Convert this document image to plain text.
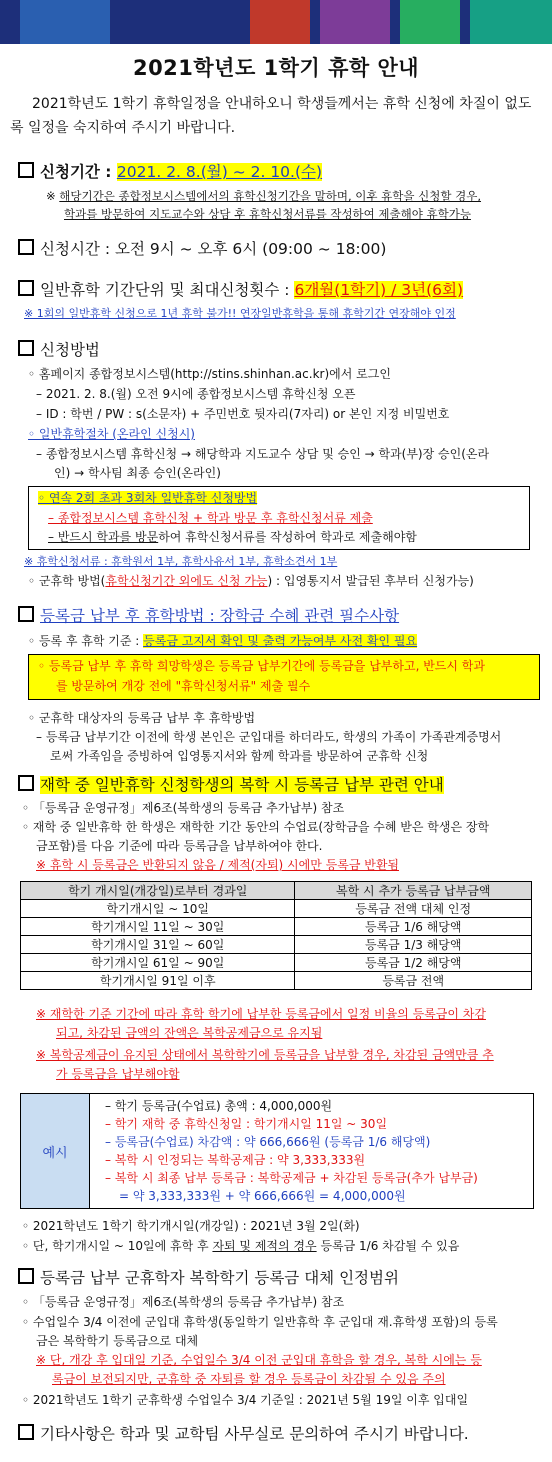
2021학년도 1학기 휴학 안내
2021학년도 1학기 휴학일정을 안내하오니 학생들께서는 휴학 신청에 차질이 없도록 일정을 숙지하여 주시기 바랍니다.
신청기간 : 2021. 2. 8.(월) ~ 2. 10.(수)
※ 해당기간은 종합정보시스템에서의 휴학신청기간을 말하며, 이후 휴학을 신청할 경우,
학과를 방문하여 지도교수와 상담 후 휴학신청서류를 작성하여 제출해야 휴학가능
신청시간 : 오전 9시 ~ 오후 6시 (09:00 ~ 18:00)
일반휴학 기간단위 및 최대신청횟수 : 6개월(1학기) / 3년(6회)
※ 1회의 일반휴학 신청으로 1년 휴학 불가!! 연장일반휴학을 통해 휴학기간 연장해야 인정
신청방법
◦ 홈페이지 종합정보시스템(http://stins.shinhan.ac.kr)에서 로그인
– 2021. 2. 8.(월) 오전 9시에 종합정보시스템 휴학신청 오픈
– ID : 학번 / PW : s(소문자) + 주민번호 뒷자리(7자리) or 본인 지정 비밀번호
◦ 일반휴학절차 (온라인 신청시)
– 종합정보시스템 휴학신청 → 해당학과 지도교수 상담 및 승인 → 학과(부)장 승인(온라
인) → 학사팀 최종 승인(온라인)
◦ 연속 2회 초과 3회차 일반휴학 신청방법
– 종합정보시스템 휴학신청 + 학과 방문 후 휴학신청서류 제출
– 반드시 학과를 방문하여 휴학신청서류를 작성하여 학과로 제출해야함
※ 휴학신청서류 : 휴학원서 1부, 휴학사유서 1부, 휴학소견서 1부
◦ 군휴학 방법(휴학신청기간 외에도 신청 가능) : 입영통지서 발급된 후부터 신청가능)
등록금 납부 후 휴학방법 : 장학금 수혜 관련 필수사항
◦ 등록 후 휴학 기준 : 등록금 고지서 확인 및 출력 가능여부 사전 확인 필요
◦ 등록금 납부 후 휴학 희망학생은 등록금 납부기간에 등록금을 납부하고, 반드시 학과
를 방문하여 개강 전에 "휴학신청서류" 제출 필수
◦ 군휴학 대상자의 등록금 납부 후 휴학방법
– 등록금 납부기간 이전에 학생 본인은 군입대를 하더라도, 학생의 가족이 가족관계증명서
로써 가족임을 증빙하여 입영통지서와 함께 학과를 방문하여 군휴학 신청
재학 중 일반휴학 신청학생의 복학 시 등록금 납부 관련 안내
◦ 「등록금 운영규정」제6조(복학생의 등록금 추가납부) 참조
◦ 재학 중 일반휴학 한 학생은 재학한 기간 동안의 수업료(장학금을 수혜 받은 학생은 장학
금포함)를 다음 기준에 따라 등록금을 납부하여야 한다.
※ 휴학 시 등록금은 반환되지 않음 / 제적(자퇴) 시에만 등록금 반환됨
학기 개시일(개강일)로부터 경과일	복학 시 추가 등록금 납부금액
학기개시일 ~ 10일	등록금 전액 대체 인정
학기개시일 11일 ~ 30일	등록금 1/6 해당액
학기개시일 31일 ~ 60일	등록금 1/3 해당액
학기개시일 61일 ~ 90일	등록금 1/2 해당액
학기개시일 91일 이후	등록금 전액
※ 재학한 기준 기간에 따라 휴학 학기에 납부한 등록금에서 일정 비율의 등록금이 차감
되고, 차감된 금액의 잔액은 복학공제금으로 유지됨
※ 복학공제금이 유지된 상태에서 복학학기에 등록금을 납부할 경우, 차감된 금액만큼 추
가 등록금을 납부해야함
예시
– 학기 등록금(수업료) 총액 : 4,000,000원
– 학기 재학 중 휴학신청일 : 학기개시일 11일 ~ 30일
– 등록금(수업료) 차감액 : 약 666,666원 (등록금 1/6 해당액)
– 복학 시 인정되는 복학공제금 : 약 3,333,333원
– 복학 시 최종 납부 등록금 : 복학공제금 + 차감된 등록금(추가 납부금)
= 약 3,333,333원 + 약 666,666원 = 4,000,000원
◦ 2021학년도 1학기 학기개시일(개강일) : 2021년 3월 2일(화)
◦ 단, 학기개시일 ~ 10일에 휴학 후 자퇴 및 제적의 경우 등록금 1/6 차감될 수 있음
등록금 납부 군휴학자 복학학기 등록금 대체 인정범위
◦ 「등록금 운영규정」제6조(복학생의 등록금 추가납부) 참조
◦ 수업일수 3/4 이전에 군입대 휴학생(동일학기 일반휴학 후 군입대 재.휴학생 포함)의 등록
금은 복학학기 등록금으로 대체
※ 단, 개강 후 입대일 기준, 수업일수 3/4 이전 군입대 휴학을 할 경우, 복학 시에는 등
록금이 보전되지만, 군휴학 중 자퇴를 할 경우 등록금이 차감될 수 있음 주의
◦ 2021학년도 1학기 군휴학생 수업일수 3/4 기준일 : 2021년 5월 19일 이후 입대일
기타사항은 학과 및 교학팀 사무실로 문의하여 주시기 바랍니다.
